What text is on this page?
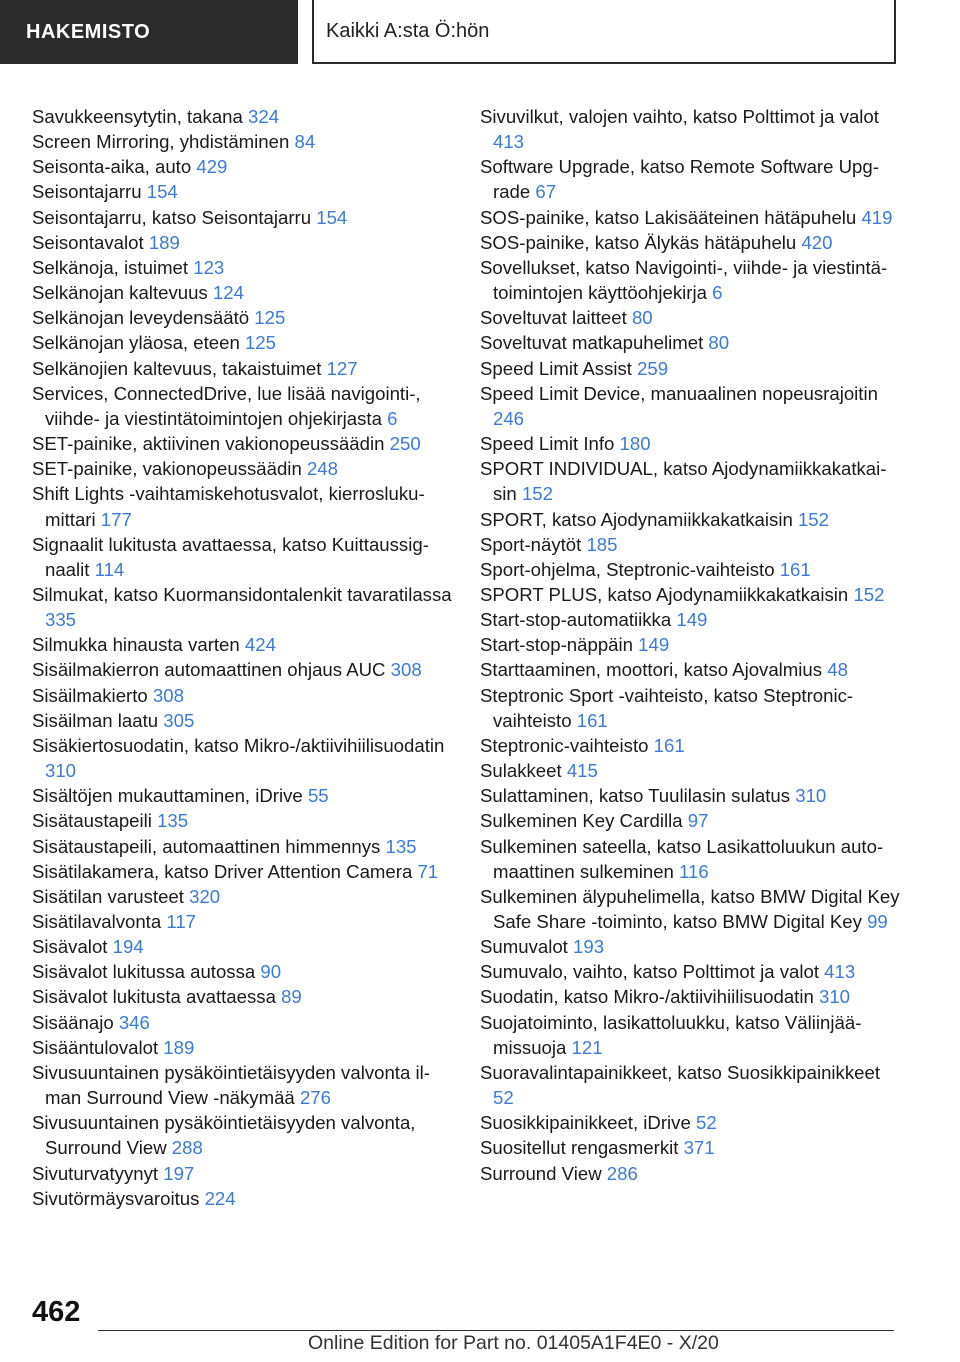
HAKEMISTO	Kaikki A:sta Ö:hön
Savukkeensytytin, takana 324
Screen Mirroring, yhdistäminen 84
Seisonta-aika, auto 429
Seisontajarru 154
Seisontajarru, katso Seisontajarru 154
Seisontavalot 189
Selkänoja, istuimet 123
Selkänojan kaltevuus 124
Selkänojan leveydensäätö 125
Selkänojan yläosa, eteen 125
Selkänojien kaltevuus, takaistuimet 127
Services, ConnectedDrive, lue lisää navigointi-, viihde- ja viestintätoimintojen ohjekirjasta 6
SET-painike, aktiivinen vakionopeussäädin 250
SET-painike, vakionopeussäädin 248
Shift Lights -vaihtamiskehotusvalot, kierroslukumittari 177
Signaalit lukitusta avattaessa, katso Kuittaussignaalit 114
Silmukat, katso Kuormansidontalenkit tavaratilassa 335
Silmukka hinausta varten 424
Sisäilmakierron automaattinen ohjaus AUC 308
Sisäilmakierto 308
Sisäilman laatu 305
Sisäkiertosuodatin, katso Mikro-/aktiivihiilisuodatin 310
Sisältöjen mukauttaminen, iDrive 55
Sisätaustapeili 135
Sisätaustapeili, automaattinen himmennys 135
Sisätilakamera, katso Driver Attention Camera 71
Sisätilan varusteet 320
Sisätilavalvonta 117
Sisävalot 194
Sisävalot lukitussa autossa 90
Sisävalot lukitusta avattaessa 89
Sisäänajo 346
Sisääntulovalot 189
Sivusuuntainen pysäköintietäisyyden valvonta ilman Surround View -näkymää 276
Sivusuuntainen pysäköintietäisyyden valvonta, Surround View 288
Sivuturvatyynyt 197
Sivutörmäysvaroitus 224
Sivuvilkut, valojen vaihto, katso Polttimot ja valot 413
Software Upgrade, katso Remote Software Upgrade 67
SOS-painike, katso Lakisääteinen hätäpuhelu 419
SOS-painike, katso Älykäs hätäpuhelu 420
Sovellukset, katso Navigointi-, viihde- ja viestintätoimintojen käyttöohjekirja 6
Soveltuvat laitteet 80
Soveltuvat matkapuhelimet 80
Speed Limit Assist 259
Speed Limit Device, manuaalinen nopeusrajoitin 246
Speed Limit Info 180
SPORT INDIVIDUAL, katso Ajodynamiikkakatkaisin 152
SPORT, katso Ajodynamiikkakatkaisin 152
Sport-näytöt 185
Sport-ohjelma, Steptronic-vaihteisto 161
SPORT PLUS, katso Ajodynamiikkakatkaisin 152
Start-stop-automatiikka 149
Start-stop-näppäin 149
Starttaaminen, moottori, katso Ajovalmius 48
Steptronic Sport -vaihteisto, katso Steptronic-vaihteisto 161
Steptronic-vaihteisto 161
Sulakkeet 415
Sulattaminen, katso Tuulilasin sulatus 310
Sulkeminen Key Cardilla 97
Sulkeminen sateella, katso Lasikattoluukun automaattinen sulkeminen 116
Sulkeminen älypuhelimella, katso BMW Digital Key Safe Share -toiminto, katso BMW Digital Key 99
Sumuvalot 193
Sumuvalo, vaihto, katso Polttimot ja valot 413
Suodatin, katso Mikro-/aktiivihiilisuodatin 310
Suojatoiminto, lasikattoluukku, katso Väliinjäämissuoja 121
Suoravalintapainikkeet, katso Suosikkipainikkeet 52
Suosikkipainikkeet, iDrive 52
Suositellut rengasmerkit 371
Surround View 286
462
Online Edition for Part no. 01405A1F4E0 - X/20
